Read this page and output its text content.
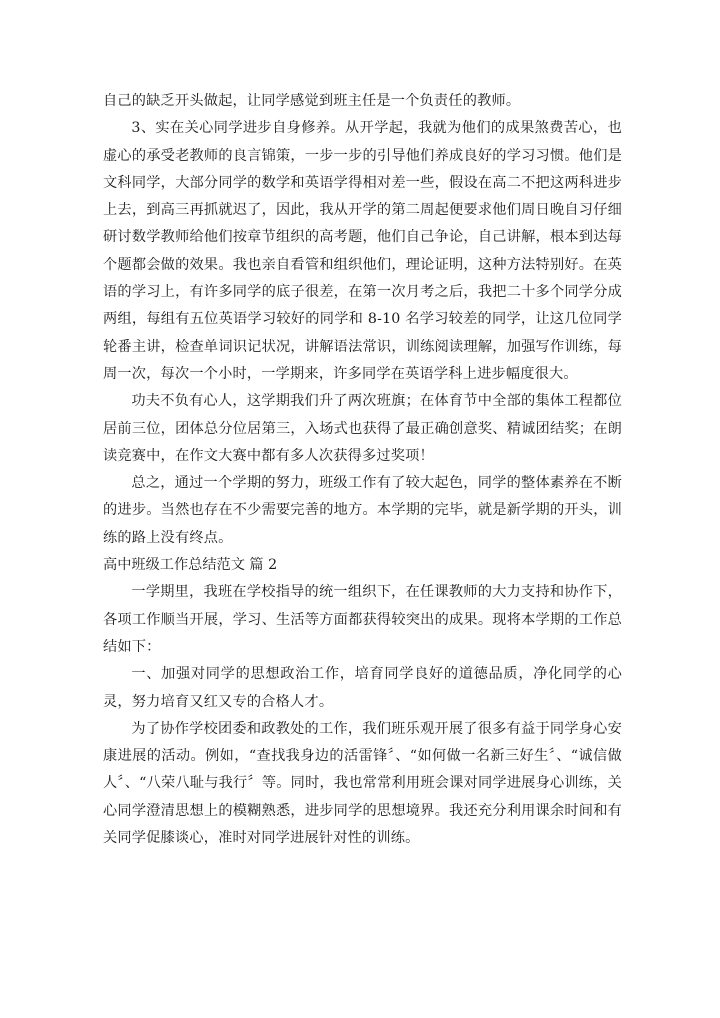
自己的缺乏开头做起，让同学感觉到班主任是一个负责任的教师。

3、实在关心同学进步自身修养。从开学起，我就为他们的成果煞费苦心，也虚心的承受老教师的良言锦策，一步一步的引导他们养成良好的学习习惯。他们是文科同学，大部分同学的数学和英语学得相对差一些，假设在高二不把这两科进步上去，到高三再抓就迟了，因此，我从开学的第二周起便要求他们周日晚自习仔细研讨数学教师给他们按章节组织的高考题，他们自己争论，自己讲解，根本到达每个题都会做的效果。我也亲自看管和组织他们，理论证明，这种方法特别好。在英语的学习上，有许多同学的底子很差，在第一次月考之后，我把二十多个同学分成两组，每组有五位英语学习较好的同学和 8-10 名学习较差的同学，让这几位同学轮番主讲，检查单词识记状况，讲解语法常识，训练阅读理解，加强写作训练，每周一次，每次一个小时，一学期来，许多同学在英语学科上进步幅度很大。

功夫不负有心人，这学期我们升了两次班旗；在体育节中全部的集体工程都位居前三位，团体总分位居第三，入场式也获得了最正确创意奖、精诚团结奖；在朗读竞赛中，在作文大赛中都有多人次获得多过奖项！

总之，通过一个学期的努力，班级工作有了较大起色，同学的整体素养在不断的进步。当然也存在不少需要完善的地方。本学期的完毕，就是新学期的开头，训练的路上没有终点。

高中班级工作总结范文 篇 2

一学期里，我班在学校指导的统一组织下，在任课教师的大力支持和协作下，各项工作顺当开展，学习、生活等方面都获得较突出的成果。现将本学期的工作总结如下：

一、加强对同学的思想政治工作，培育同学良好的道德品质，净化同学的心灵，努力培育又红又专的合格人才。

为了协作学校团委和政教处的工作，我们班乐观开展了很多有益于同学身心安康进展的活动。例如，“查找我身边的活雷锋〞、“如何做一名新三好生〞、“诚信做人〞、“八荣八耻与我行〞等。同时，我也常常利用班会课对同学进展身心训练，关心同学澄清思想上的模糊熟悉，进步同学的思想境界。我还充分利用课余时间和有关同学促膝谈心，准时对同学进展针对性的训练。
